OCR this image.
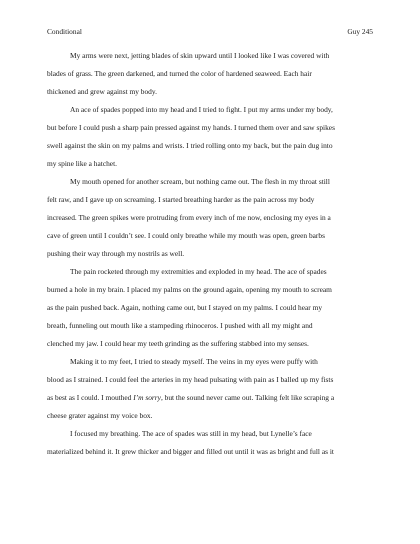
Conditional	Guy 245

My arms were next, jetting blades of skin upward until I looked like I was covered with
blades of grass. The green darkened, and turned the color of hardened seaweed. Each hair
thickened and grew against my body.

An ace of spades popped into my head and I tried to fight. I put my arms under my body,
but before I could push a sharp pain pressed against my hands. I turned them over and saw spikes
swell against the skin on my palms and wrists. I tried rolling onto my back, but the pain dug into
my spine like a hatchet.

My mouth opened for another scream, but nothing came out. The flesh in my throat still
felt raw, and I gave up on screaming. I started breathing harder as the pain across my body
increased. The green spikes were protruding from every inch of me now, enclosing my eyes in a
cave of green until I couldn’t see. I could only breathe while my mouth was open, green barbs
pushing their way through my nostrils as well.

The pain rocketed through my extremities and exploded in my head. The ace of spades
burned a hole in my brain. I placed my palms on the ground again, opening my mouth to scream
as the pain pushed back. Again, nothing came out, but I stayed on my palms. I could hear my
breath, funneling out mouth like a stampeding rhinoceros. I pushed with all my might and
clenched my jaw. I could hear my teeth grinding as the suffering stabbed into my senses.

Making it to my feet, I tried to steady myself. The veins in my eyes were puffy with
blood as I strained. I could feel the arteries in my head pulsating with pain as I balled up my fists
as best as I could. I mouthed I’m sorry, but the sound never came out. Talking felt like scraping a
cheese grater against my voice box.

I focused my breathing. The ace of spades was still in my head, but Lynelle’s face
materialized behind it. It grew thicker and bigger and filled out until it was as bright and full as it
